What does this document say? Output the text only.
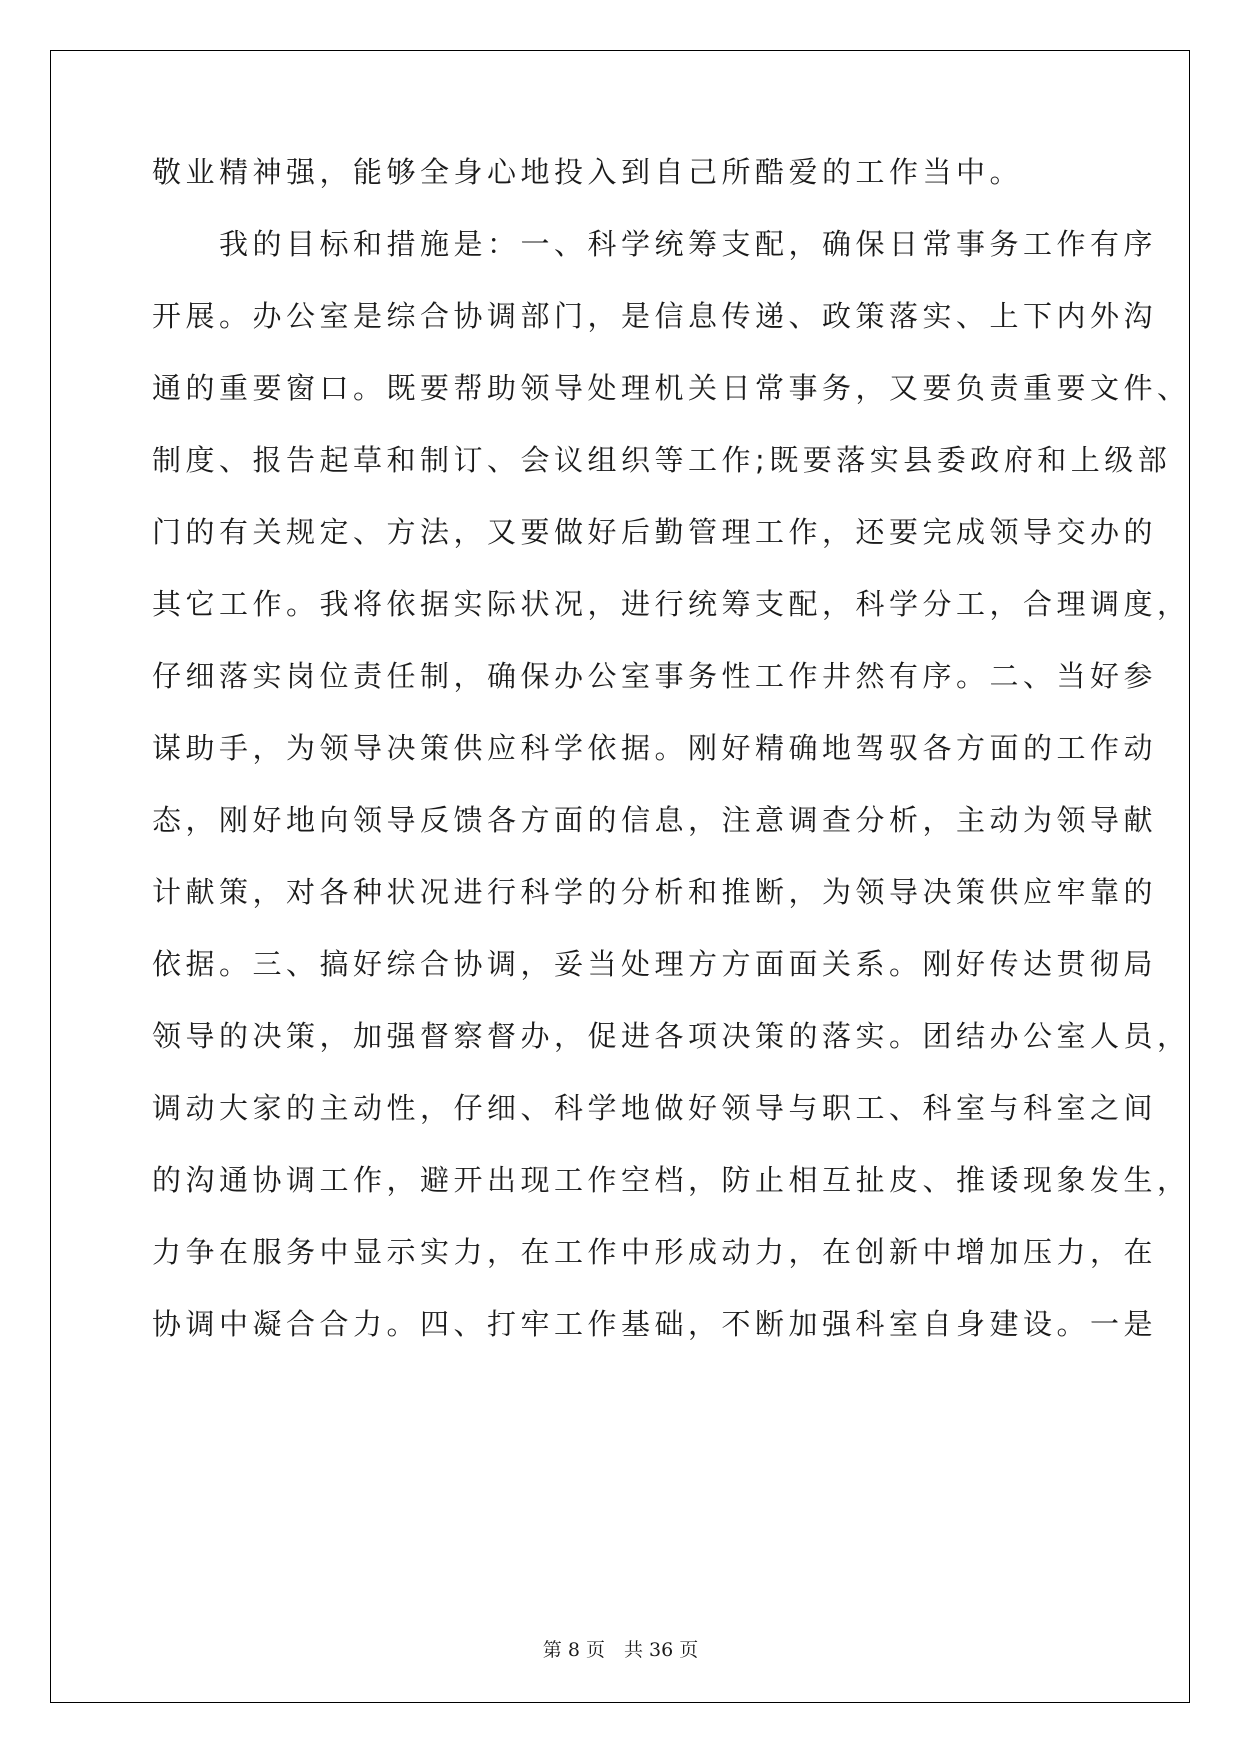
敬业精神强，能够全身心地投入到自己所酷爱的工作当中。
　　我的目标和措施是：一、科学统筹支配，确保日常事务工作有序
开展。办公室是综合协调部门，是信息传递、政策落实、上下内外沟
通的重要窗口。既要帮助领导处理机关日常事务，又要负责重要文件、
制度、报告起草和制订、会议组织等工作;既要落实县委政府和上级部
门的有关规定、方法，又要做好后勤管理工作，还要完成领导交办的
其它工作。我将依据实际状况，进行统筹支配，科学分工，合理调度，
仔细落实岗位责任制，确保办公室事务性工作井然有序。二、当好参
谋助手，为领导决策供应科学依据。刚好精确地驾驭各方面的工作动
态，刚好地向领导反馈各方面的信息，注意调查分析，主动为领导献
计献策，对各种状况进行科学的分析和推断，为领导决策供应牢靠的
依据。三、搞好综合协调，妥当处理方方面面关系。刚好传达贯彻局
领导的决策，加强督察督办，促进各项决策的落实。团结办公室人员，
调动大家的主动性，仔细、科学地做好领导与职工、科室与科室之间
的沟通协调工作，避开出现工作空档，防止相互扯皮、推诿现象发生，
力争在服务中显示实力，在工作中形成动力，在创新中增加压力，在
协调中凝合合力。四、打牢工作基础，不断加强科室自身建设。一是
第 8 页　共 36 页
